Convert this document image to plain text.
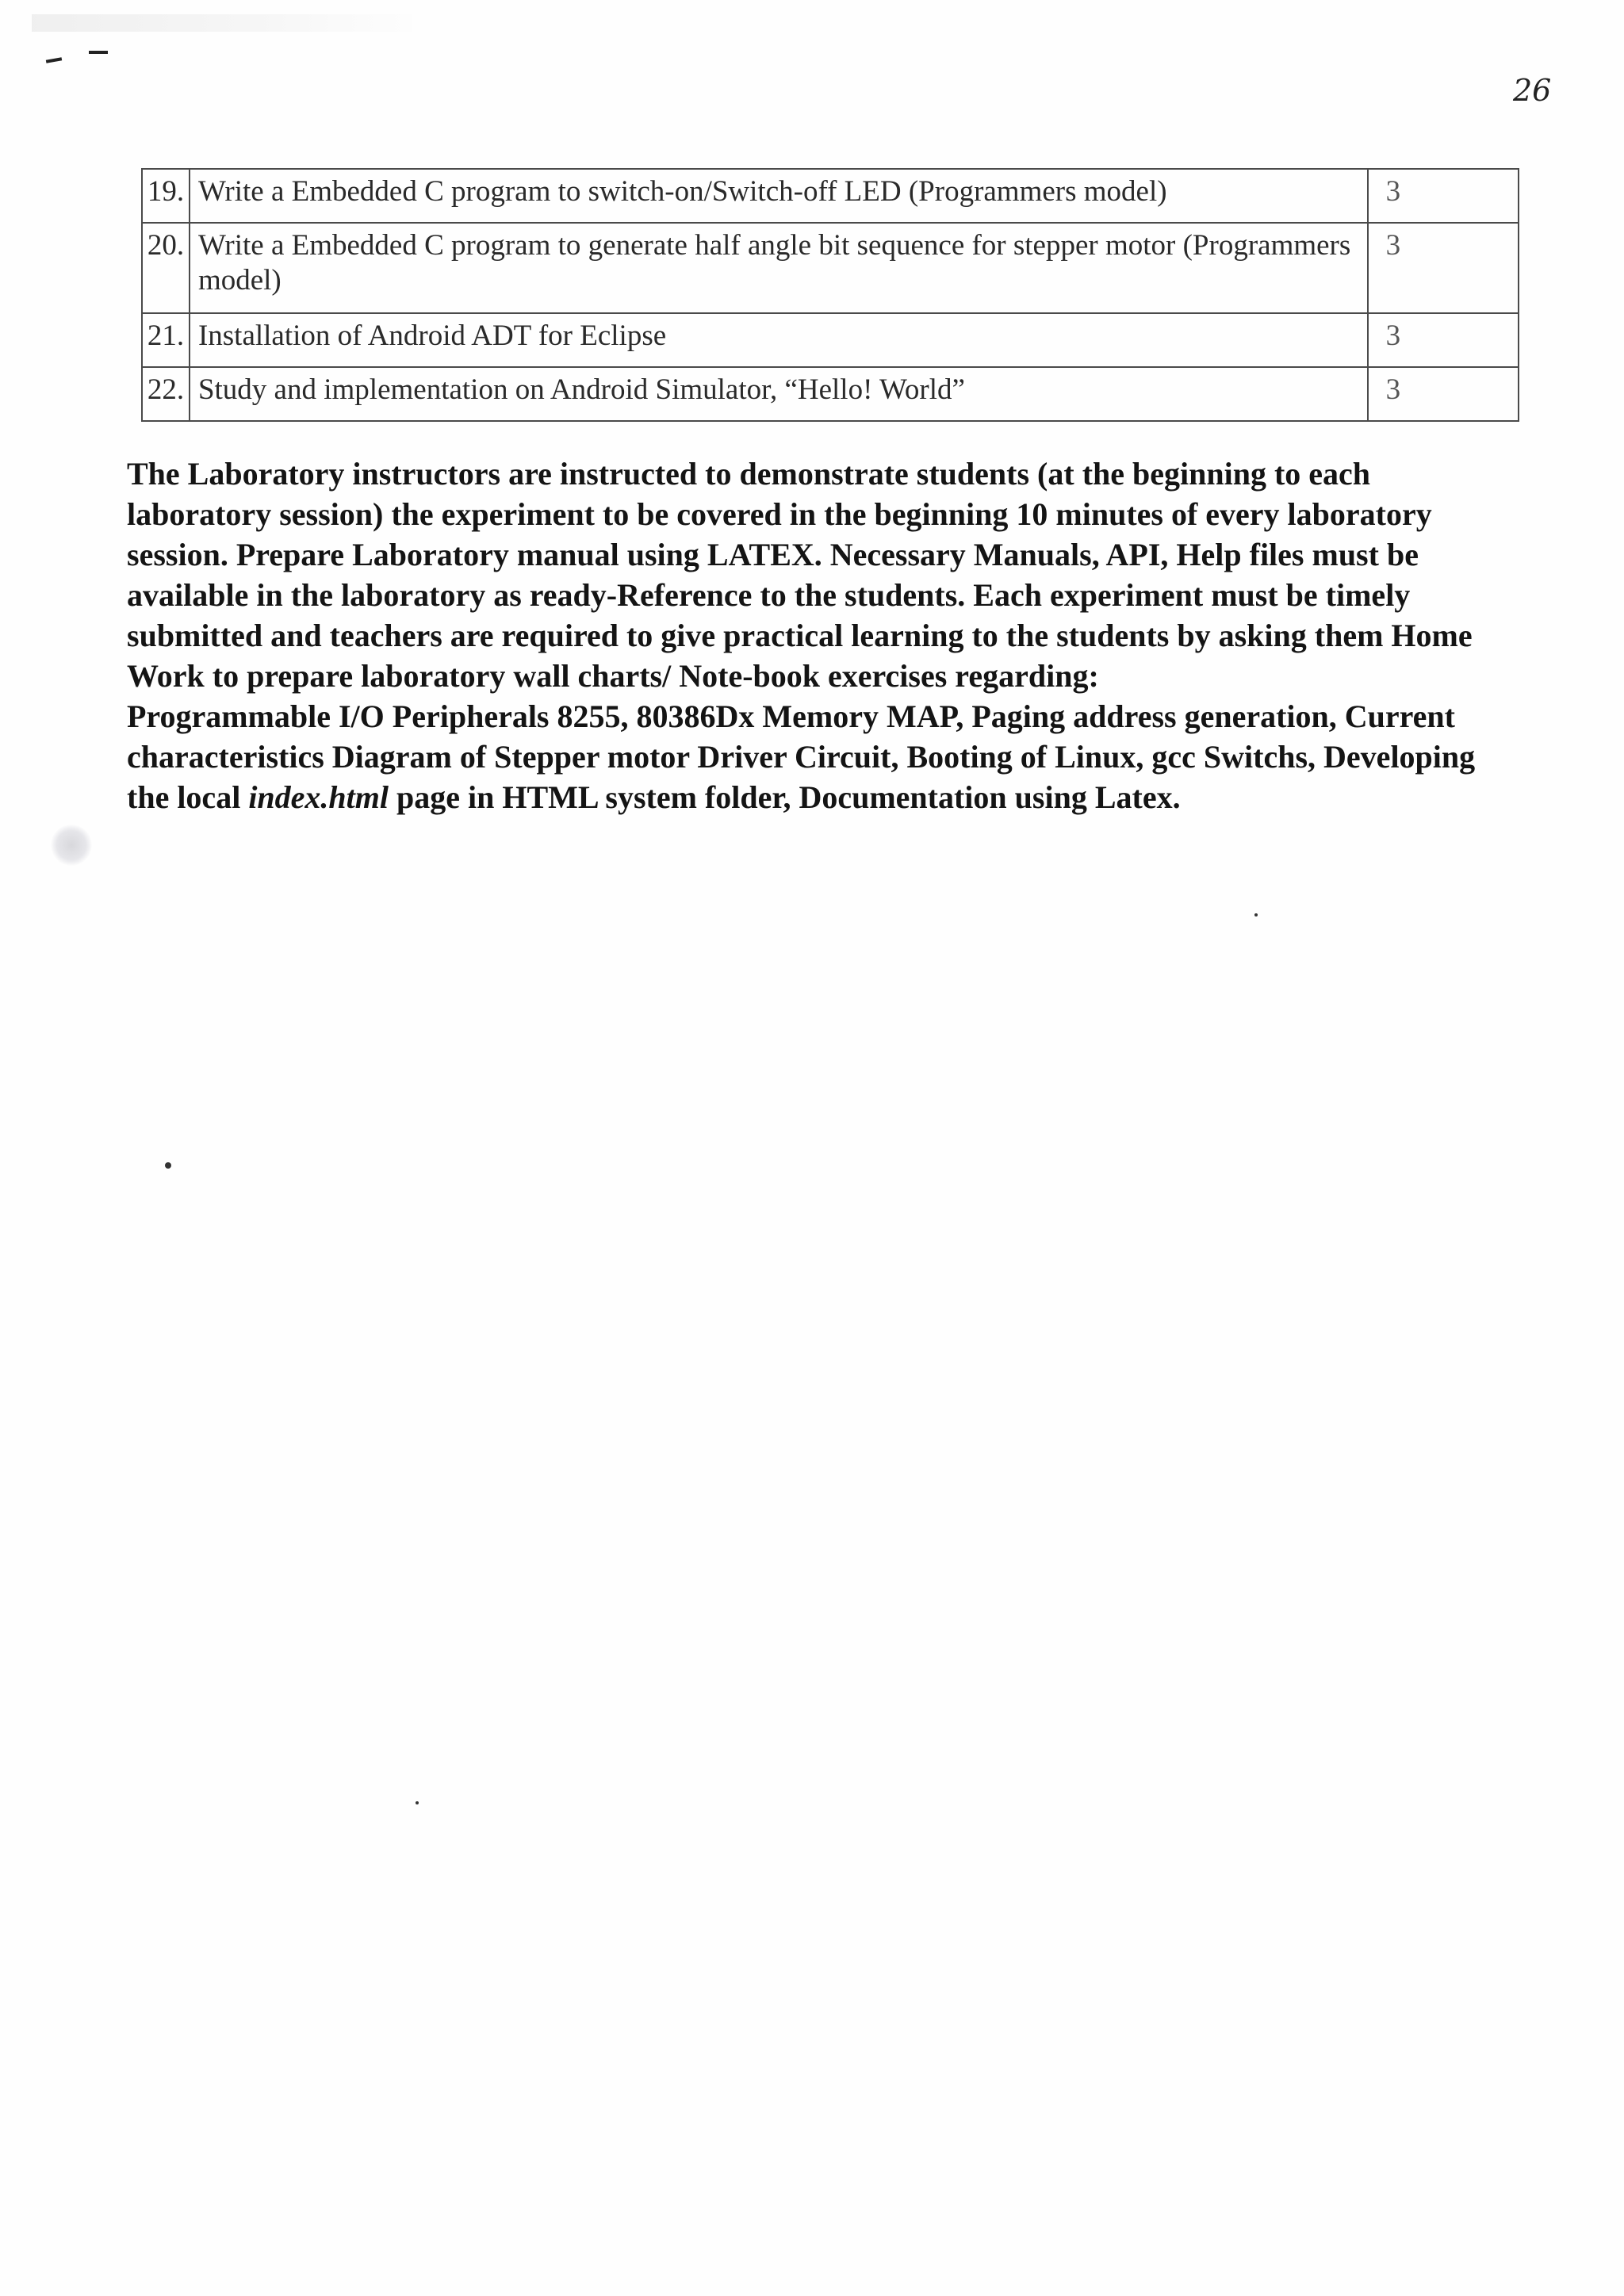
26
19.	Write a Embedded C program to switch-on/Switch-off LED (Programmers model)	3
20.	Write a Embedded C program to generate half angle bit sequence for stepper motor (Programmers model)	3
21.	Installation of Android ADT for Eclipse	3
22.	Study and implementation on Android Simulator, “Hello! World”	3

The Laboratory instructors are instructed to demonstrate students (at the beginning to each laboratory session) the experiment to be covered in the beginning 10 minutes of every laboratory session. Prepare Laboratory manual using LATEX. Necessary Manuals, API, Help files must be available in the laboratory as ready-Reference to the students. Each experiment must be timely submitted and teachers are required to give practical learning to the students by asking them Home Work to prepare laboratory wall charts/ Note-book exercises regarding:

Programmable I/O Peripherals 8255, 80386Dx Memory MAP, Paging address generation, Current characteristics Diagram of Stepper motor Driver Circuit, Booting of Linux, gcc Switchs, Developing the local index.html page in HTML system folder, Documentation using Latex.
